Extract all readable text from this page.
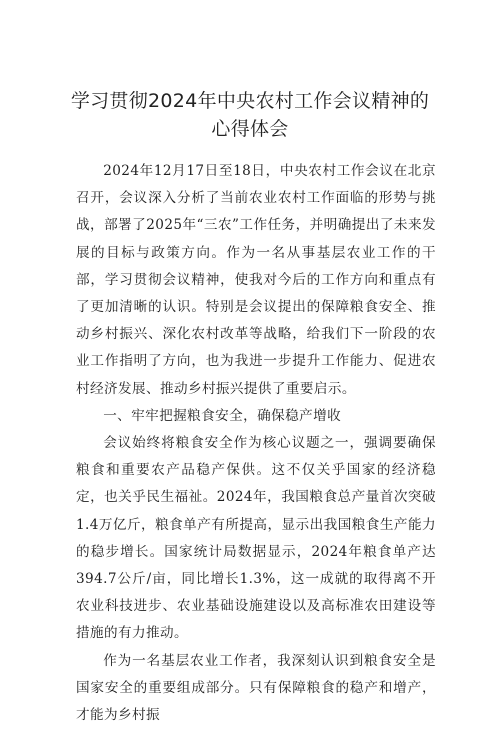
学习贯彻2024年中央农村工作会议精神的
心得体会

2024年12月17日至18日，中央农村工作会议在北京召开，会议深入分析了当前农业农村工作面临的形势与挑战，部署了2025年“三农”工作任务，并明确提出了未来发展的目标与政策方向。作为一名从事基层农业工作的干部，学习贯彻会议精神，使我对今后的工作方向和重点有了更加清晰的认识。特别是会议提出的保障粮食安全、推动乡村振兴、深化农村改革等战略，给我们下一阶段的农业工作指明了方向，也为我进一步提升工作能力、促进农村经济发展、推动乡村振兴提供了重要启示。

一、牢牢把握粮食安全，确保稳产增收

会议始终将粮食安全作为核心议题之一，强调要确保粮食和重要农产品稳产保供。这不仅关乎国家的经济稳定，也关乎民生福祉。2024年，我国粮食总产量首次突破1.4万亿斤，粮食单产有所提高，显示出我国粮食生产能力的稳步增长。国家统计局数据显示，2024年粮食单产达394.7公斤/亩，同比增长1.3%，这一成就的取得离不开农业科技进步、农业基础设施建设以及高标准农田建设等措施的有力推动。

作为一名基层农业工作者，我深刻认识到粮食安全是国家安全的重要组成部分。只有保障粮食的稳产和增产，才能为乡村振
